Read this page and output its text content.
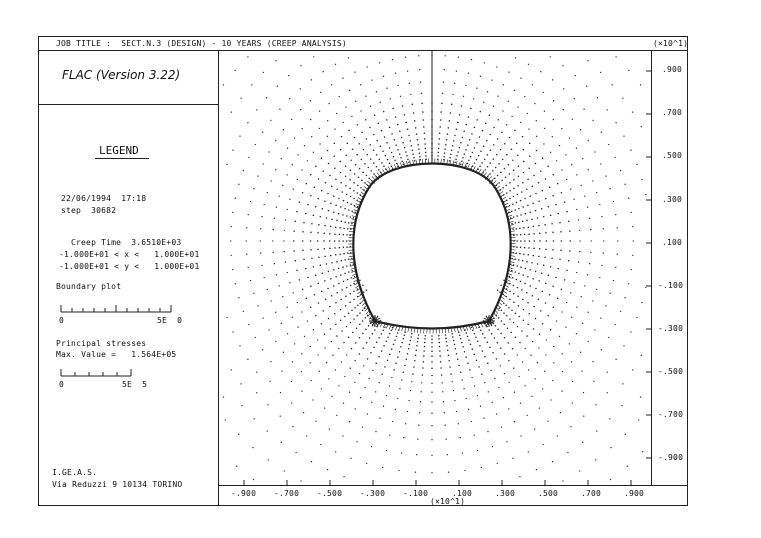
JOB TITLE :  SECT.N.3 (DESIGN) - 10 YEARS (CREEP ANALYSIS)	(×10^1)
FLAC (Version 3.22)
LEGEND
22/06/1994  17:18
step  30682
Creep Time  3.6510E+03
-1.000E+01 < x <   1.000E+01
-1.000E+01 < y <   1.000E+01
Boundary plot
0	5E  0
Principal stresses
Max. Value =   1.564E+05
0	5E  5
I.GE.A.S.
Via Reduzzi 9 10134 TORINO
.900
.700
.500
.300
.100
-.100
-.300
-.500
-.700
-.900
-.900 -.700 -.500 -.300 -.100	.100	.300	.500	.700	.900
(×10^1)
